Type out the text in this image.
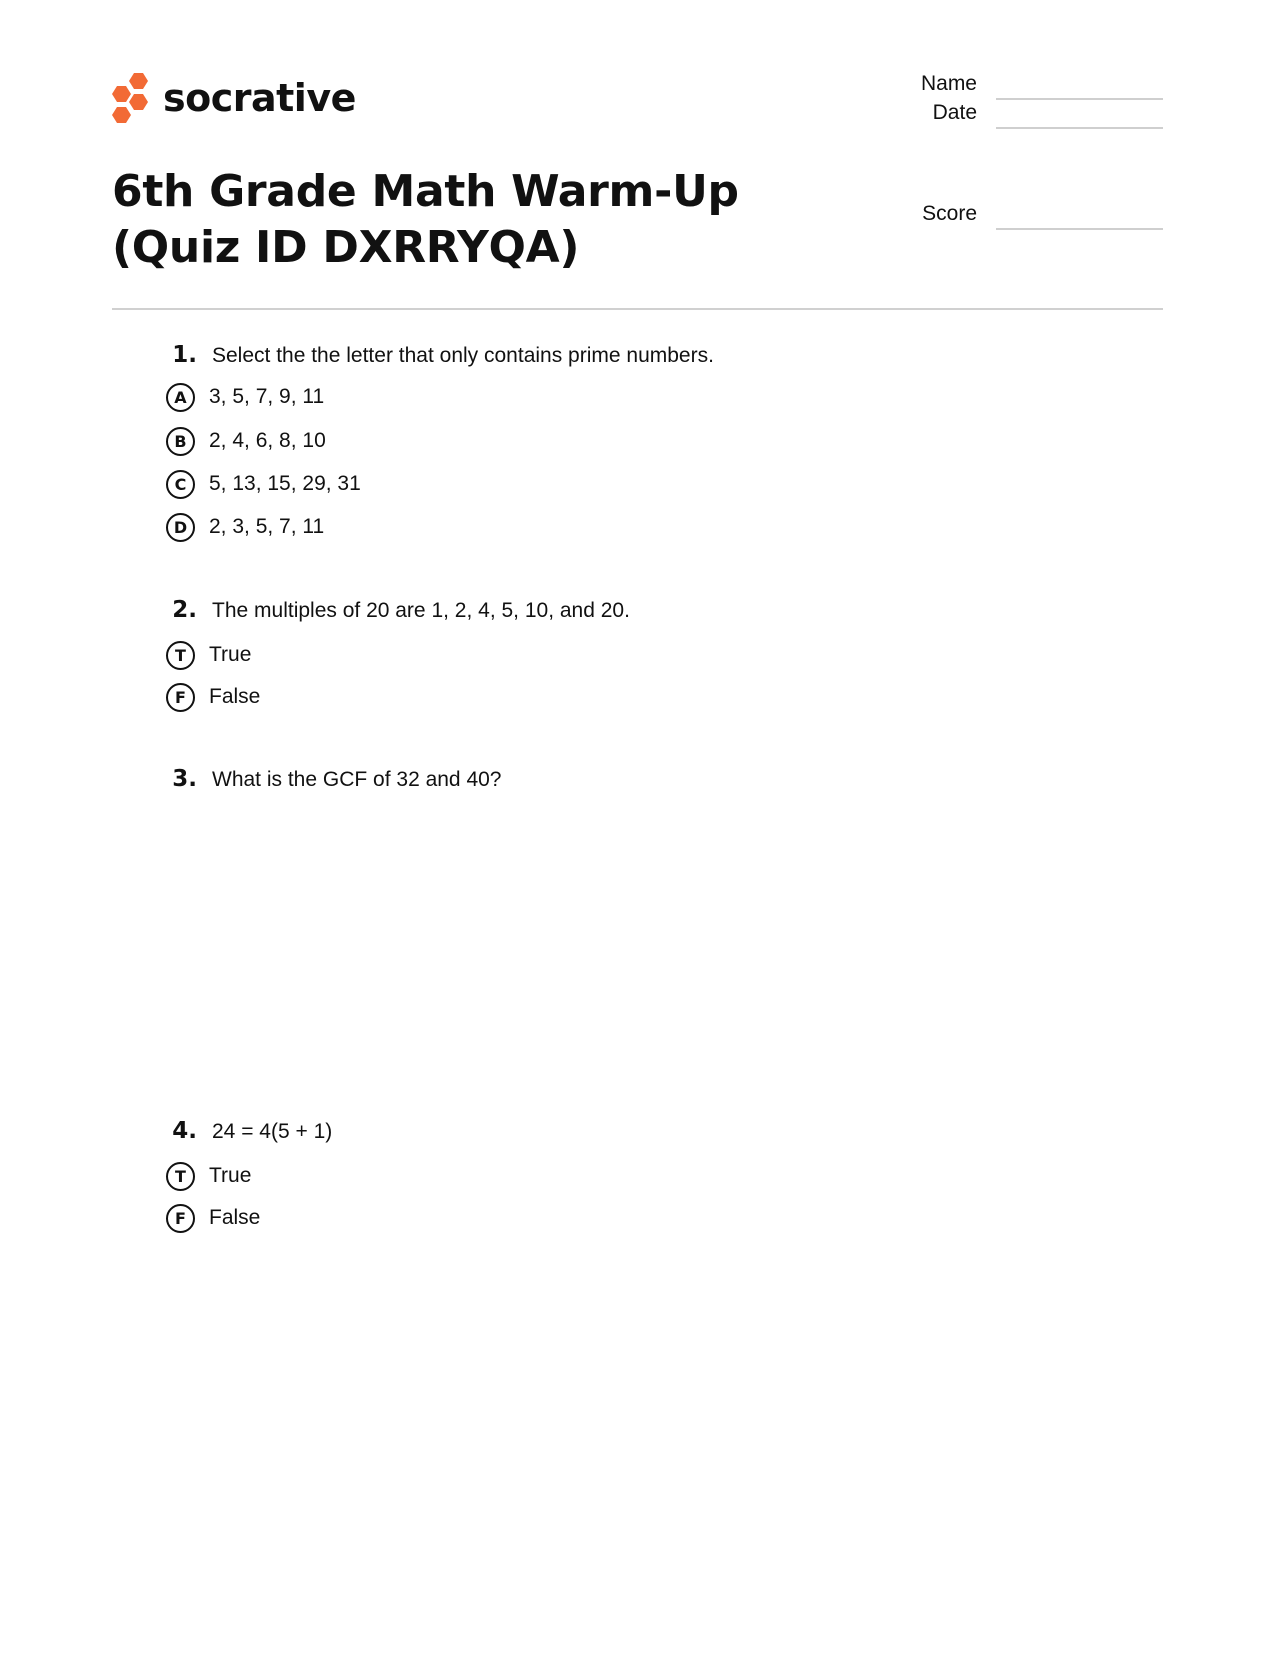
socrative	Name
Date
Score
6th Grade Math Warm-Up (Quiz ID DXRRYQA)
1. Select the the letter that only contains prime numbers.
A	3, 5, 7, 9, 11
B	2, 4, 6, 8, 10
C	5, 13, 15, 29, 31
D	2, 3, 5, 7, 11
2. The multiples of 20 are 1, 2, 4, 5, 10, and 20.
T	True
F	False
3. What is the GCF of 32 and 40?
4. 24 = 4(5 + 1)
T	True
F	False
